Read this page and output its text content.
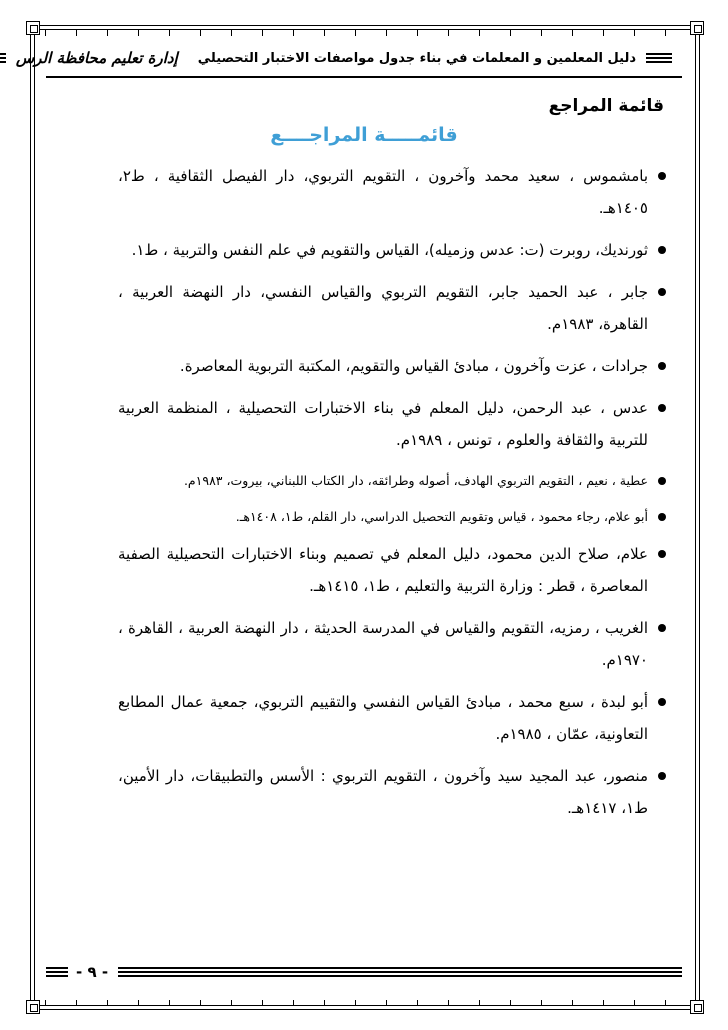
دليل المعلمين و المعلمات في بناء جدول مواصفات الاختبار التحصيلي
إدارة تعليم محافظة الرس
قائمة المراجع
قائمـــــة المراجــــع
بامشموس ، سعيد محمد وآخرون ، التقويم التربوي، دار الفيصل الثقافية ، ط٢، ١٤٠٥هـ.
ثورنديك، روبرت (ت: عدس وزميله)، القياس والتقويم في علم النفس والتربية ، ط١.
جابر ، عبد الحميد جابر، التقويم التربوي والقياس النفسي، دار النهضة العربية ، القاهرة، ١٩٨٣م.
جرادات ، عزت وآخرون ، مبادئ القياس والتقويم، المكتبة التربوية المعاصرة.
عدس ، عبد الرحمن، دليل المعلم في بناء الاختبارات التحصيلية ، المنظمة العربية للتربية والثقافة والعلوم ، تونس ، ١٩٨٩م.
عطية ، نعيم ، التقويم التربوي الهادف، أصوله وطرائقه، دار الكتاب اللبناني، بيروت، ١٩٨٣م.
أبو علام، رجاء محمود ، قياس وتقويم التحصيل الدراسي، دار القلم، ط١، ١٤٠٨هـ.
علام، صلاح الدين محمود، دليل المعلم في تصميم وبناء الاختبارات التحصيلية الصفية المعاصرة ، قطر : وزارة التربية والتعليم ، ط١، ١٤١٥هـ.
الغريب ، رمزيه، التقويم والقياس في المدرسة الحديثة ، دار النهضة العربية ، القاهرة ، ١٩٧٠م.
أبو لبدة ، سبع محمد ، مبادئ القياس النفسي والتقييم التربوي، جمعية عمال المطابع التعاونية، عمّان ، ١٩٨٥م.
منصور، عبد المجيد سيد وآخرون ، التقويم التربوي : الأسس والتطبيقات، دار الأمين، ط١، ١٤١٧هـ.
- ٩ -
